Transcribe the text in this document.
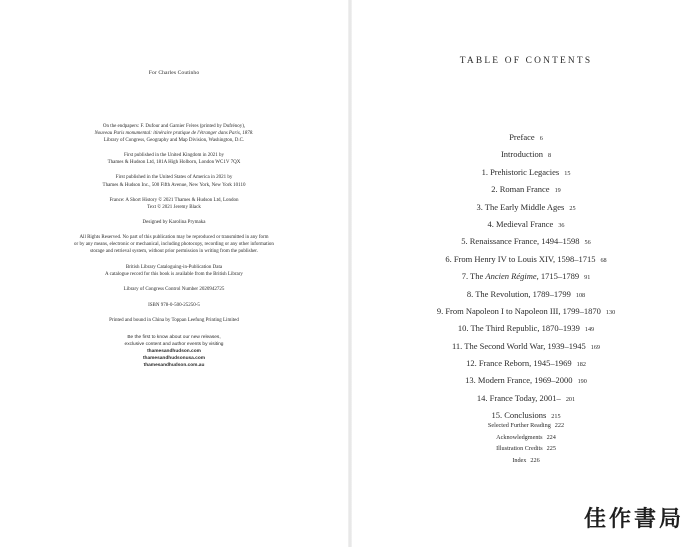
For Charles Coutinho
On the endpapers: F. Dufour and Garnier Frères (printed by Dufrénoy),
Nouveau Paris monumental: itinéraire pratique de l'étranger dans Paris, 1878.
Library of Congress, Geography and Map Division, Washington, D.C.
First published in the United Kingdom in 2021 by
Thames & Hudson Ltd, 181A High Holborn, London WC1V 7QX
First published in the United States of America in 2021 by
Thames & Hudson Inc., 500 Fifth Avenue, New York, New York 10110
France: A Short History © 2021 Thames & Hudson Ltd, London
Text © 2021 Jeremy Black
Designed by Karolina Prymaka
All Rights Reserved. No part of this publication may be reproduced or transmitted in any form
or by any means, electronic or mechanical, including photocopy, recording or any other information
storage and retrieval system, without prior permission in writing from the publisher.
British Library Cataloguing-in-Publication Data
A catalogue record for this book is available from the British Library
Library of Congress Control Number 2020942725
ISBN 978-0-500-25250-5
Printed and bound in China by Toppan Leefung Printing Limited
Be the first to know about our new releases,
exclusive content and author events by visiting
thamesandhudson.com
thamesandhudsonusa.com
thamesandhudson.com.au
TABLE OF CONTENTS
Preface 6
Introduction 8
1. Prehistoric Legacies 15
2. Roman France 19
3. The Early Middle Ages 25
4. Medieval France 36
5. Renaissance France, 1494–1598 56
6. From Henry IV to Louis XIV, 1598–1715 68
7. The Ancien Régime, 1715–1789 91
8. The Revolution, 1789–1799 108
9. From Napoleon I to Napoleon III, 1799–1870 130
10. The Third Republic, 1870–1939 149
11. The Second World War, 1939–1945 169
12. France Reborn, 1945–1969 182
13. Modern France, 1969–2000 190
14. France Today, 2001– 201
15. Conclusions 215
Selected Further Reading 222
Acknowledgments 224
Illustration Credits 225
Index 226
佳作書局
